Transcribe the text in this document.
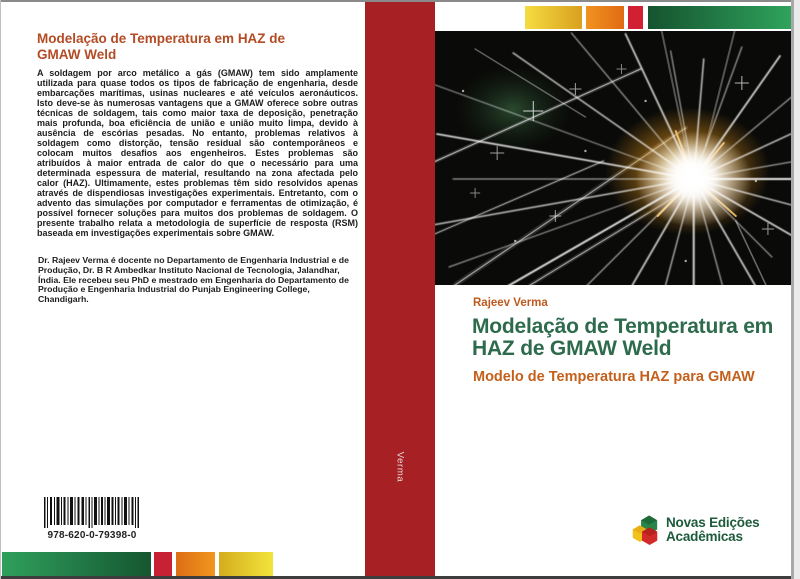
Modelação de Temperatura em HAZ de
GMAW Weld
A soldagem por arco metálico a gás (GMAW) tem sido amplamente utilizada para quase todos os tipos de fabricação de engenharia, desde embarcações marítimas, usinas nucleares e até veículos aeronáuticos. Isto deve-se às numerosas vantagens que a GMAW oferece sobre outras técnicas de soldagem, tais como maior taxa de deposição, penetração mais profunda, boa eficiência de união e união muito limpa, devido à ausência de escórias pesadas. No entanto, problemas relativos à soldagem como distorção, tensão residual são contemporâneos e colocam muitos desafios aos engenheiros. Estes problemas são atribuídos à maior entrada de calor do que o necessário para uma determinada espessura de material, resultando na zona afectada pelo calor (HAZ). Ultimamente, estes problemas têm sido resolvidos apenas através de dispendiosas investigações experimentais. Entretanto, com o advento das simulações por computador e ferramentas de otimização, é possível fornecer soluções para muitos dos problemas de soldagem. O presente trabalho relata a metodologia de superfície de resposta (RSM) baseada em investigações experimentais sobre GMAW.
Dr. Rajeev Verma é docente no Departamento de Engenharia Industrial e de Produção, Dr. B R Ambedkar Instituto Nacional de Tecnologia, Jalandhar, Índia. Ele recebeu seu PhD e mestrado em Engenharia do Departamento de Produção e Engenharia Industrial do Punjab Engineering College, Chandigarh.
978-620-0-79398-0
Verma
Rajeev Verma
Modelação de Temperatura em
HAZ de GMAW Weld
Modelo de Temperatura HAZ para GMAW
Novas Edições
Acadêmicas
